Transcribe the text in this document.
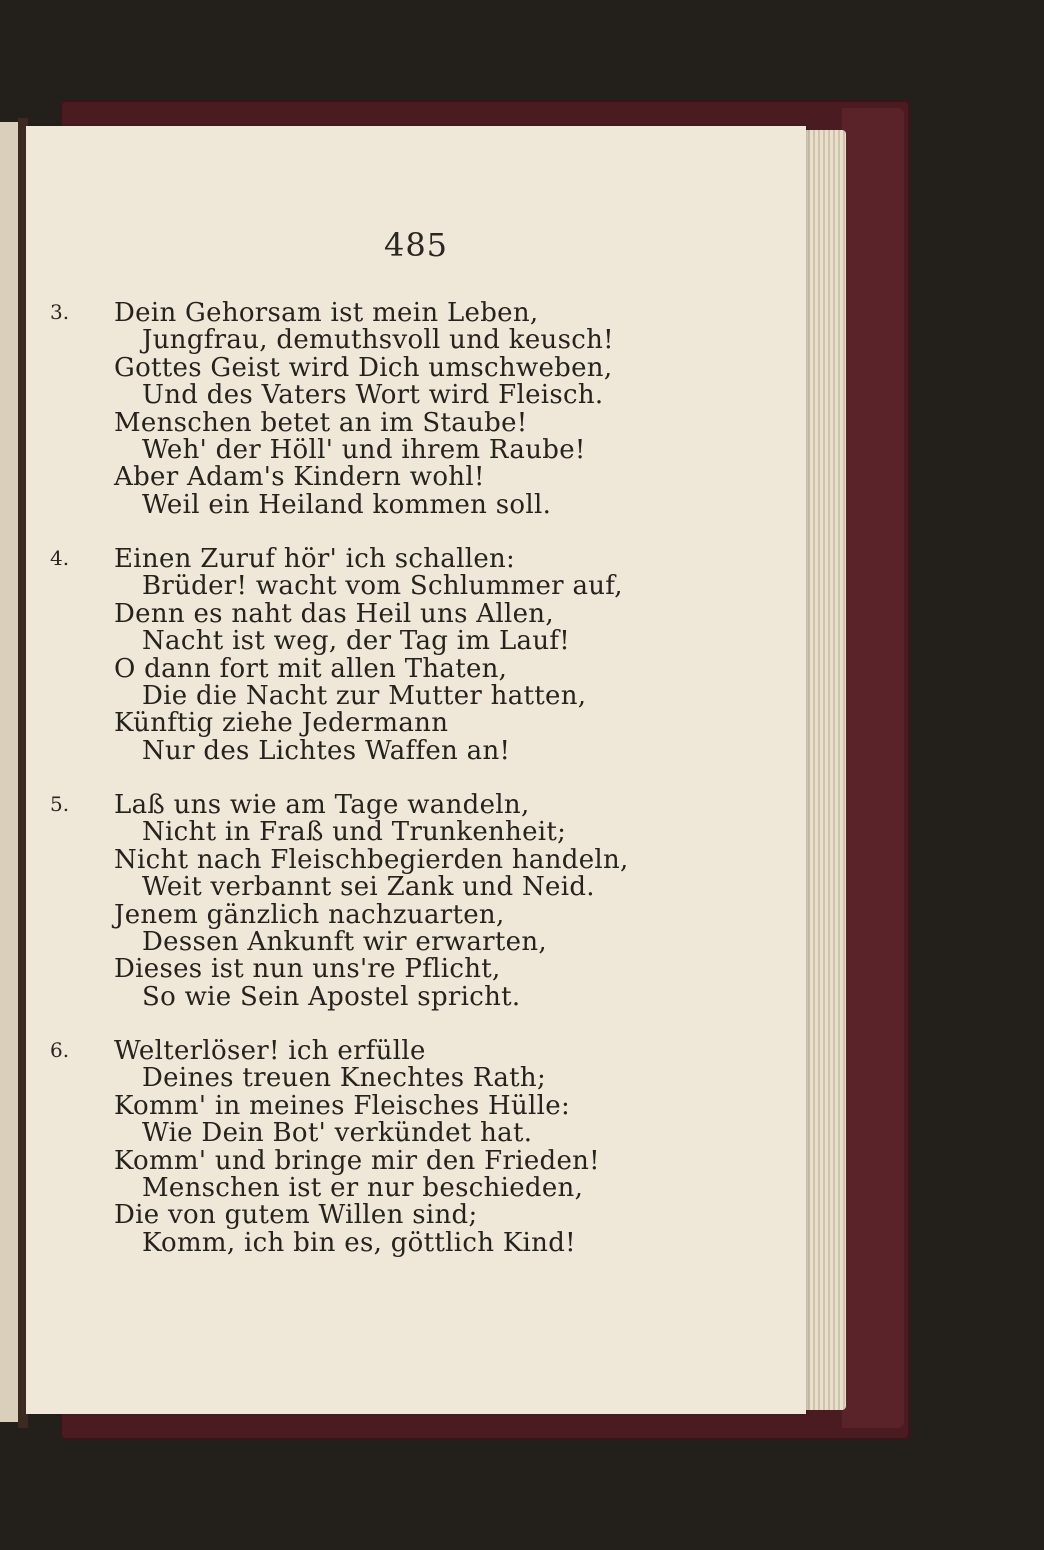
485
3. Dein Gehorsam ist mein Leben,
Jungfrau, demuthsvoll und keusch!
Gottes Geist wird Dich umschweben,
Und des Vaters Wort wird Fleisch.
Menschen betet an im Staube!
Weh' der Höll' und ihrem Raube!
Aber Adam's Kindern wohl!
Weil ein Heiland kommen soll.
4. Einen Zuruf hör' ich schallen:
Brüder! wacht vom Schlummer auf,
Denn es naht das Heil uns Allen,
Nacht ist weg, der Tag im Lauf!
O dann fort mit allen Thaten,
Die die Nacht zur Mutter hatten,
Künftig ziehe Jedermann
Nur des Lichtes Waffen an!
5. Laß uns wie am Tage wandeln,
Nicht in Fraß und Trunkenheit;
Nicht nach Fleischbegierden handeln,
Weit verbannt sei Zank und Neid.
Jenem gänzlich nachzuarten,
Dessen Ankunft wir erwarten,
Dieses ist nun uns're Pflicht,
So wie Sein Apostel spricht.
6. Welterlöser! ich erfülle
Deines treuen Knechtes Rath;
Komm' in meines Fleisches Hülle:
Wie Dein Bot' verkündet hat.
Komm' und bringe mir den Frieden!
Menschen ist er nur beschieden,
Die von gutem Willen sind;
Komm, ich bin es, göttlich Kind!
